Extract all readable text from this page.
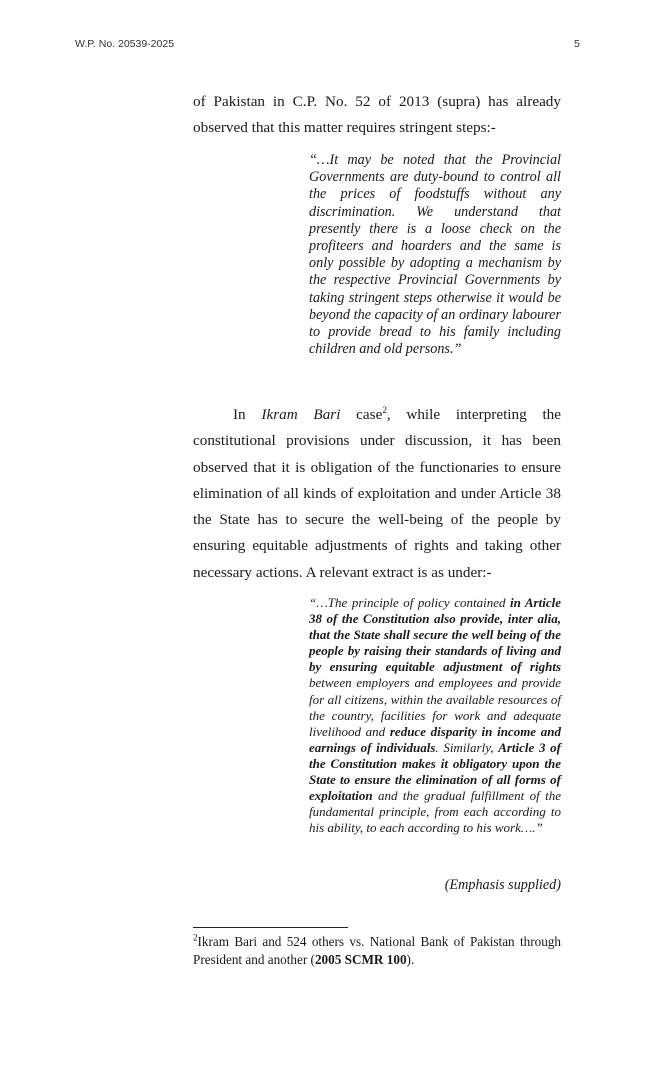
W.P. No. 20539-2025	5
of Pakistan in C.P. No. 52 of 2013 (supra) has already observed that this matter requires stringent steps:-
“…It may be noted that the Provincial Governments are duty-bound to control all the prices of foodstuffs without any discrimination. We understand that presently there is a loose check on the profiteers and hoarders and the same is only possible by adopting a mechanism by the respective Provincial Governments by taking stringent steps otherwise it would be beyond the capacity of an ordinary labourer to provide bread to his family including children and old persons.”
In Ikram Bari case$^2$, while interpreting the constitutional provisions under discussion, it has been observed that it is obligation of the functionaries to ensure elimination of all kinds of exploitation and under Article 38 the State has to secure the well-being of the people by ensuring equitable adjustments of rights and taking other necessary actions. A relevant extract is as under:-
“…The principle of policy contained in Article 38 of the Constitution also provide, inter alia, that the State shall secure the well being of the people by raising their standards of living and by ensuring equitable adjustment of rights between employers and employees and provide for all citizens, within the available resources of the country, facilities for work and adequate livelihood and reduce disparity in income and earnings of individuals. Similarly, Article 3 of the Constitution makes it obligatory upon the State to ensure the elimination of all forms of exploitation and the gradual fulfillment of the fundamental principle, from each according to his ability, to each according to his work….”
(Emphasis supplied)
$^2$Ikram Bari and 524 others vs. National Bank of Pakistan through President and another (2005 SCMR 100).
